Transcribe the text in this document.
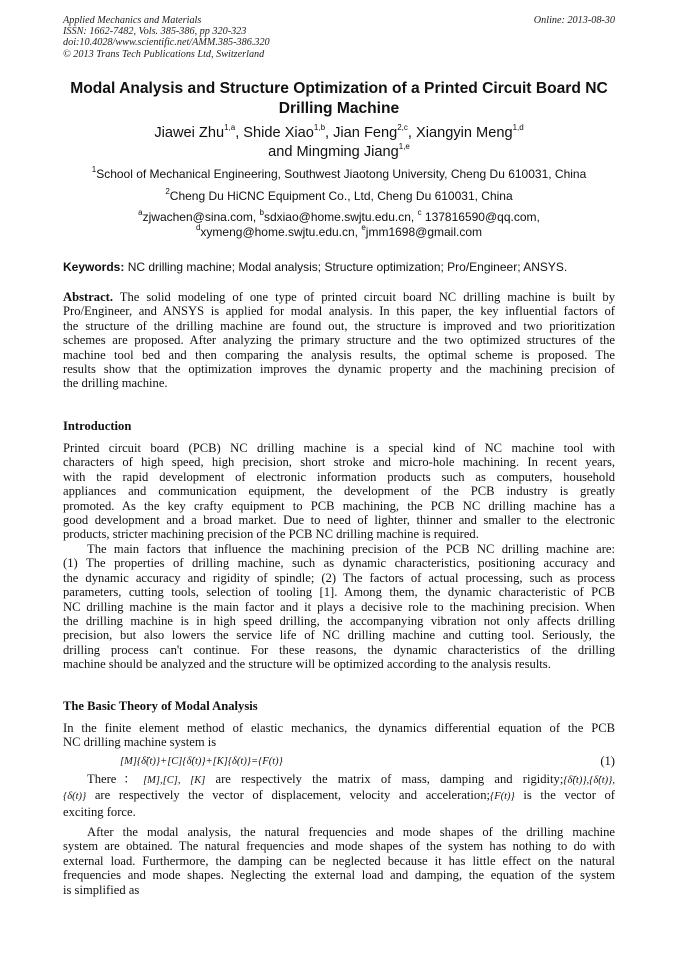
Applied Mechanics and Materials
ISSN: 1662-7482, Vols. 385-386, pp 320-323
doi:10.4028/www.scientific.net/AMM.385-386.320
© 2013 Trans Tech Publications Ltd, Switzerland
Online: 2013-08-30
Modal Analysis and Structure Optimization of a Printed Circuit Board NC
Drilling Machine
Jiawei Zhu$^{1,a}$, Shide Xiao$^{1,b}$, Jian Feng$^{2,c}$, Xiangyin Meng$^{1,d}$
and Mingming Jiang$^{1,e}$
$^1$School of Mechanical Engineering, Southwest Jiaotong University, Cheng Du 610031, China
$^2$Cheng Du HiCNC Equipment Co., Ltd, Cheng Du 610031, China
$^a$zjwachen@sina.com, $^b$sdxiao@home.swjtu.edu.cn, $^c$ 137816590@qq.com,
$^d$xymeng@home.swjtu.edu.cn, $^e$jmm1698@gmail.com
Keywords: NC drilling machine; Modal analysis; Structure optimization; Pro/Engineer; ANSYS.
Abstract. The solid modeling of one type of printed circuit board NC drilling machine is built by
Pro/Engineer, and ANSYS is applied for modal analysis. In this paper, the key influential factors of
the structure of the drilling machine are found out, the structure is improved and two prioritization
schemes are proposed. After analyzing the primary structure and the two optimized structures of the
machine tool bed and then comparing the analysis results, the optimal scheme is proposed. The
results show that the optimization improves the dynamic property and the machining precision of
the drilling machine.
Introduction
Printed circuit board (PCB) NC drilling machine is a special kind of NC machine tool with
characters of high speed, high precision, short stroke and micro-hole machining. In recent years,
with the rapid development of electronic information products such as computers, household
appliances and communication equipment, the development of the PCB industry is greatly
promoted. As the key crafty equipment to PCB machining, the PCB NC drilling machine has a
good development and a broad market. Due to need of lighter, thinner and smaller to the electronic
products, stricter machining precision of the PCB NC drilling machine is required.
The main factors that influence the machining precision of the PCB NC drilling machine are:
(1) The properties of drilling machine, such as dynamic characteristics, positioning accuracy and
the dynamic accuracy and rigidity of spindle; (2) The factors of actual processing, such as process
parameters, cutting tools, selection of tooling [1]. Among them, the dynamic characteristic of PCB
NC drilling machine is the main factor and it plays a decisive role to the machining precision. When
the drilling machine is in high speed drilling, the accompanying vibration not only affects drilling
precision, but also lowers the service life of NC drilling machine and cutting tool. Seriously, the
drilling process can't continue. For these reasons, the dynamic characteristics of the drilling
machine should be analyzed and the structure will be optimized according to the analysis results.
The Basic Theory of Modal Analysis
In the finite element method of elastic mechanics, the dynamics differential equation of the PCB
NC drilling machine system is
[M]{δ̈(t)}+[C]{δ̇(t)}+[K]{δ(t)}={F(t)}	(1)
There：[M],[C], [K] are respectively the matrix of mass, damping and rigidity;{δ̈(t)},{δ̇(t)},
{δ(t)} are respectively the vector of displacement, velocity and acceleration;{F(t)} is the vector of
exciting force.
After the modal analysis, the natural frequencies and mode shapes of the drilling machine
system are obtained. The natural frequencies and mode shapes of the system has nothing to do with
external load. Furthermore, the damping can be neglected because it has little effect on the natural
frequencies and mode shapes. Neglecting the external load and damping, the equation of the system
is simplified as
